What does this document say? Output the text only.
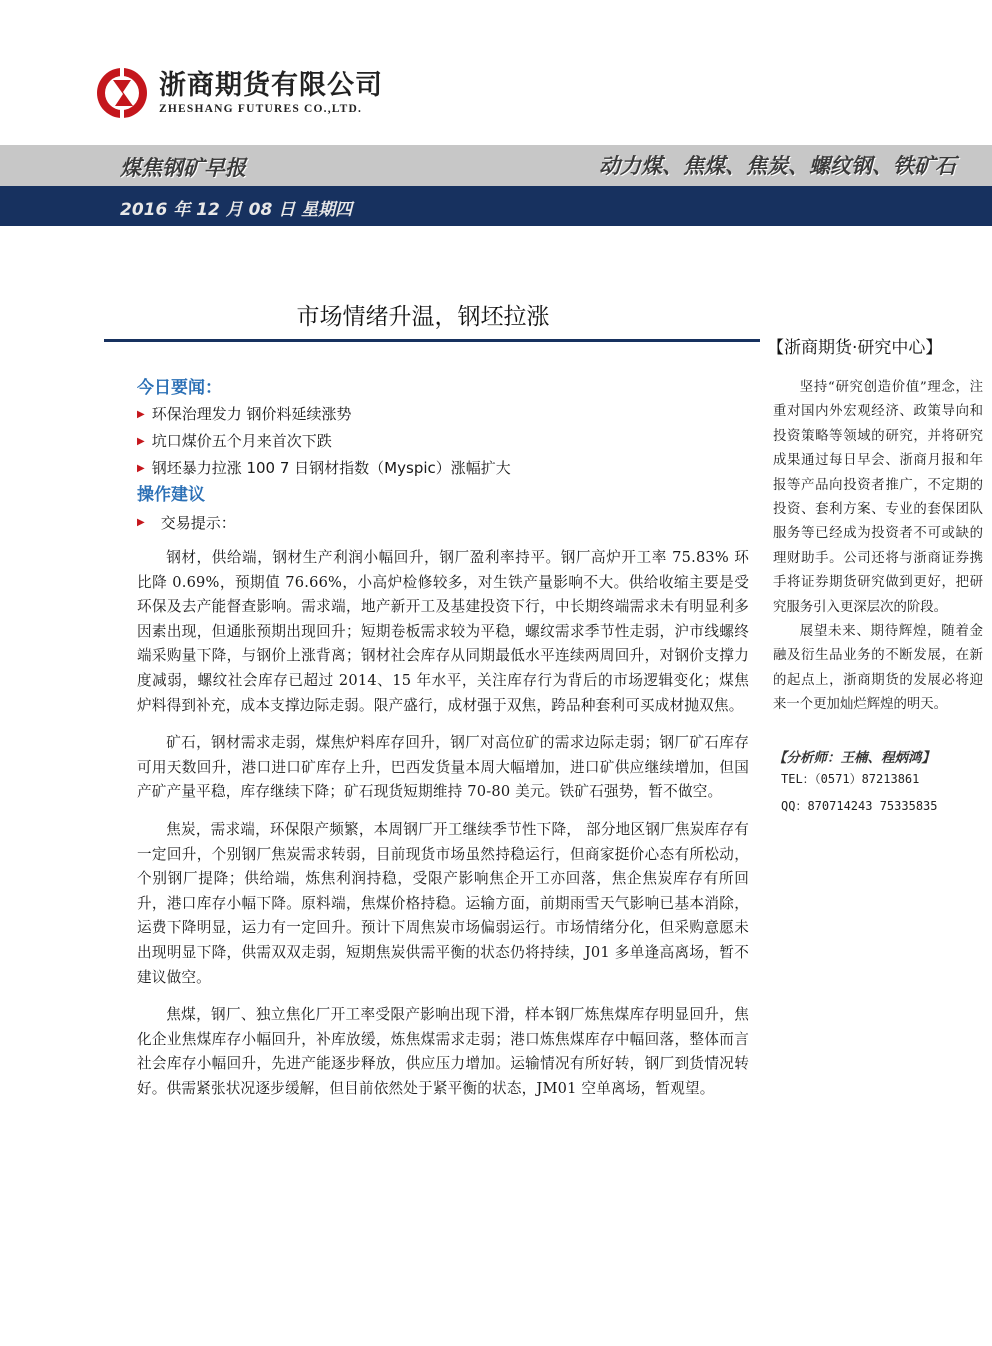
浙商期货有限公司
ZHESHANG FUTURES CO.,LTD.
煤焦钢矿早报	动力煤、焦煤、焦炭、螺纹钢、铁矿石
2016 年 12 月 08 日 星期四
市场情绪升温，钢坯拉涨
今日要闻：
▶ 环保治理发力 钢价料延续涨势
▶ 坑口煤价五个月来首次下跌
▶ 钢坯暴力拉涨 100 7 日钢材指数（Myspic）涨幅扩大
操作建议
▶ 交易提示：

钢材，供给端，钢材生产利润小幅回升，钢厂盈利率持平。钢厂高炉开工率 75.83% 环比降 0.69%，预期值 76.66%，小高炉检修较多，对生铁产量影响不大。供给收缩主要是受环保及去产能督查影响。需求端，地产新开工及基建投资下行，中长期终端需求未有明显利多因素出现，但通胀预期出现回升；短期卷板需求较为平稳，螺纹需求季节性走弱，沪市线螺终端采购量下降，与钢价上涨背离；钢材社会库存从同期最低水平连续两周回升，对钢价支撑力度减弱，螺纹社会库存已超过 2014、15 年水平，关注库存行为背后的市场逻辑变化；煤焦炉料得到补充，成本支撑边际走弱。限产盛行，成材强于双焦，跨品种套利可买成材抛双焦。

矿石，钢材需求走弱，煤焦炉料库存回升，钢厂对高位矿的需求边际走弱；钢厂矿石库存可用天数回升，港口进口矿库存上升，巴西发货量本周大幅增加，进口矿供应继续增加，但国产矿产量平稳，库存继续下降；矿石现货短期维持 70-80 美元。铁矿石强势，暂不做空。

焦炭，需求端，环保限产频繁，本周钢厂开工继续季节性下降， 部分地区钢厂焦炭库存有一定回升，个别钢厂焦炭需求转弱，目前现货市场虽然持稳运行，但商家挺价心态有所松动，个别钢厂提降；供给端，炼焦利润持稳，受限产影响焦企开工亦回落，焦企焦炭库存有所回升，港口库存小幅下降。原料端，焦煤价格持稳。运输方面，前期雨雪天气影响已基本消除，运费下降明显，运力有一定回升。预计下周焦炭市场偏弱运行。市场情绪分化，但采购意愿未出现明显下降，供需双双走弱，短期焦炭供需平衡的状态仍将持续，J01 多单逢高离场，暂不建议做空。

焦煤，钢厂、独立焦化厂开工率受限产影响出现下滑，样本钢厂炼焦煤库存明显回升，焦化企业焦煤库存小幅回升，补库放缓，炼焦煤需求走弱；港口炼焦煤库存中幅回落，整体而言社会库存小幅回升，先进产能逐步释放，供应压力增加。运输情况有所好转，钢厂到货情况转好。供需紧张状况逐步缓解，但目前依然处于紧平衡的状态，JM01 空单离场，暂观望。

【浙商期货·研究中心】

坚持“研究创造价值”理念，注重对国内外宏观经济、政策导向和投资策略等领域的研究，并将研究成果通过每日早会、浙商月报和年报等产品向投资者推广，不定期的投资、套利方案、专业的套保团队服务等已经成为投资者不可或缺的理财助手。公司还将与浙商证券携手将证券期货研究做到更好，把研究服务引入更深层次的阶段。

展望未来、期待辉煌，随着金融及衍生品业务的不断发展，在新的起点上，浙商期货的发展必将迎来一个更加灿烂辉煌的明天。

【分析师：王楠、程炳鸿】
TEL：（0571）87213861
QQ：870714243 75335835
